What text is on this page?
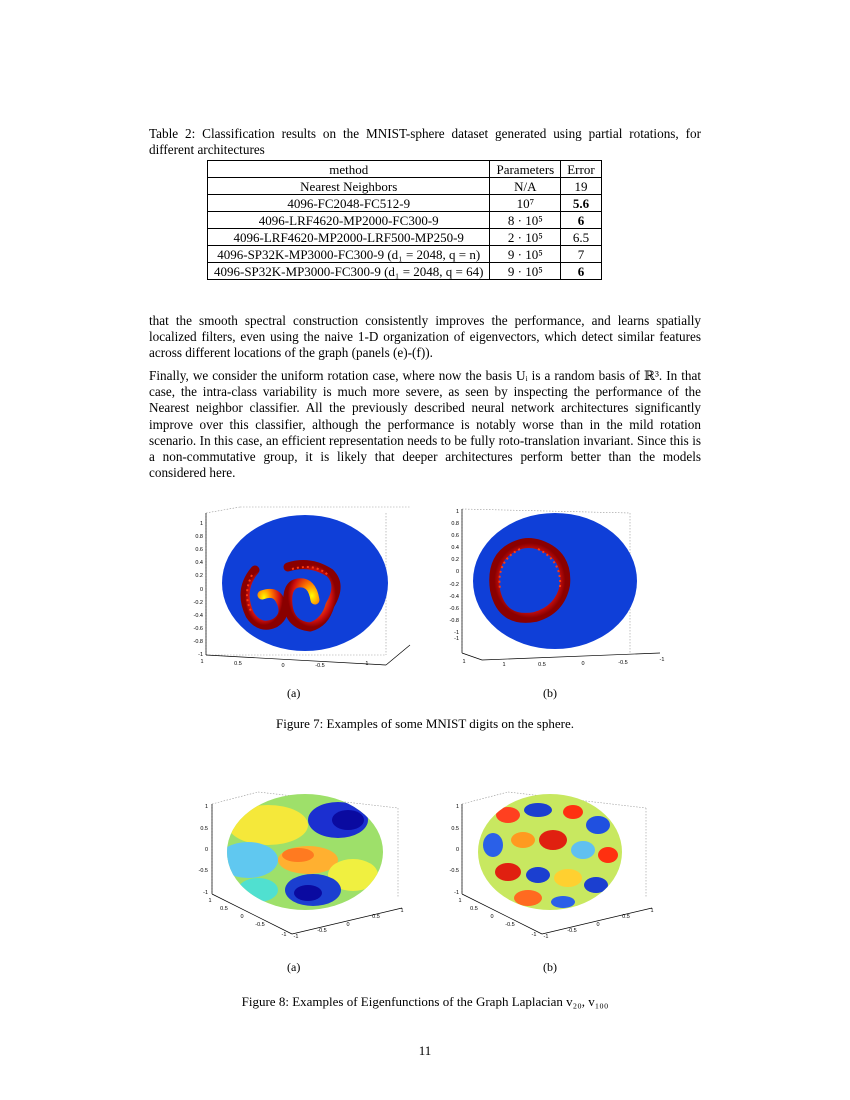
Table 2: Classification results on the MNIST-sphere dataset generated using partial rotations, for different architectures
method	Parameters	Error
Nearest Neighbors	N/A	19
4096-FC2048-FC512-9	10⁷	5.6
4096-LRF4620-MP2000-FC300-9	8 · 10⁵	6
4096-LRF4620-MP2000-LRF500-MP250-9	2 · 10⁵	6.5
4096-SP32K-MP3000-FC300-9 (d₁ = 2048, q = n)	9 · 10⁵	7
4096-SP32K-MP3000-FC300-9 (d₁ = 2048, q = 64)	9 · 10⁵	6
that the smooth spectral construction consistently improves the performance, and learns spatially localized filters, even using the naive 1-D organization of eigenvectors, which detect similar features across different locations of the graph (panels (e)-(f)).
Finally, we consider the uniform rotation case, where now the basis Uᵢ is a random basis of ℝ³. In that case, the intra-class variability is much more severe, as seen by inspecting the performance of the Nearest neighbor classifier. All the previously described neural network architectures significantly improve over this classifier, although the performance is notably worse than in the mild rotation scenario. In this case, an efficient representation needs to be fully roto-translation invariant. Since this is a non-commutative group, it is likely that deeper architectures perform better than the models considered here.
1
0.8
0.6
0.4
0.2
0
-0.2
-0.4
-0.6
-0.8
-1
1	0.5	0	-0.5	-1
(a)
1
0.8
0.6
0.4
0.2
0
-0.2
-0.4
-0.6
-0.8
-1
-1
1	1	0.5	0	-0.5	-1
(b)
Figure 7: Examples of some MNIST digits on the sphere.
1
0.5
0
-0.5
-1
1
0.5
0
-0.5
-1 -1
-0.5
0
0.5
1
(a)
1
0.5
0
-0.5
-1
1
0.5
0
-0.5
-1 -1
-0.5
0
0.5
1
(b)
Figure 8: Examples of Eigenfunctions of the Graph Laplacian v₂₀, v₁₀₀
11
